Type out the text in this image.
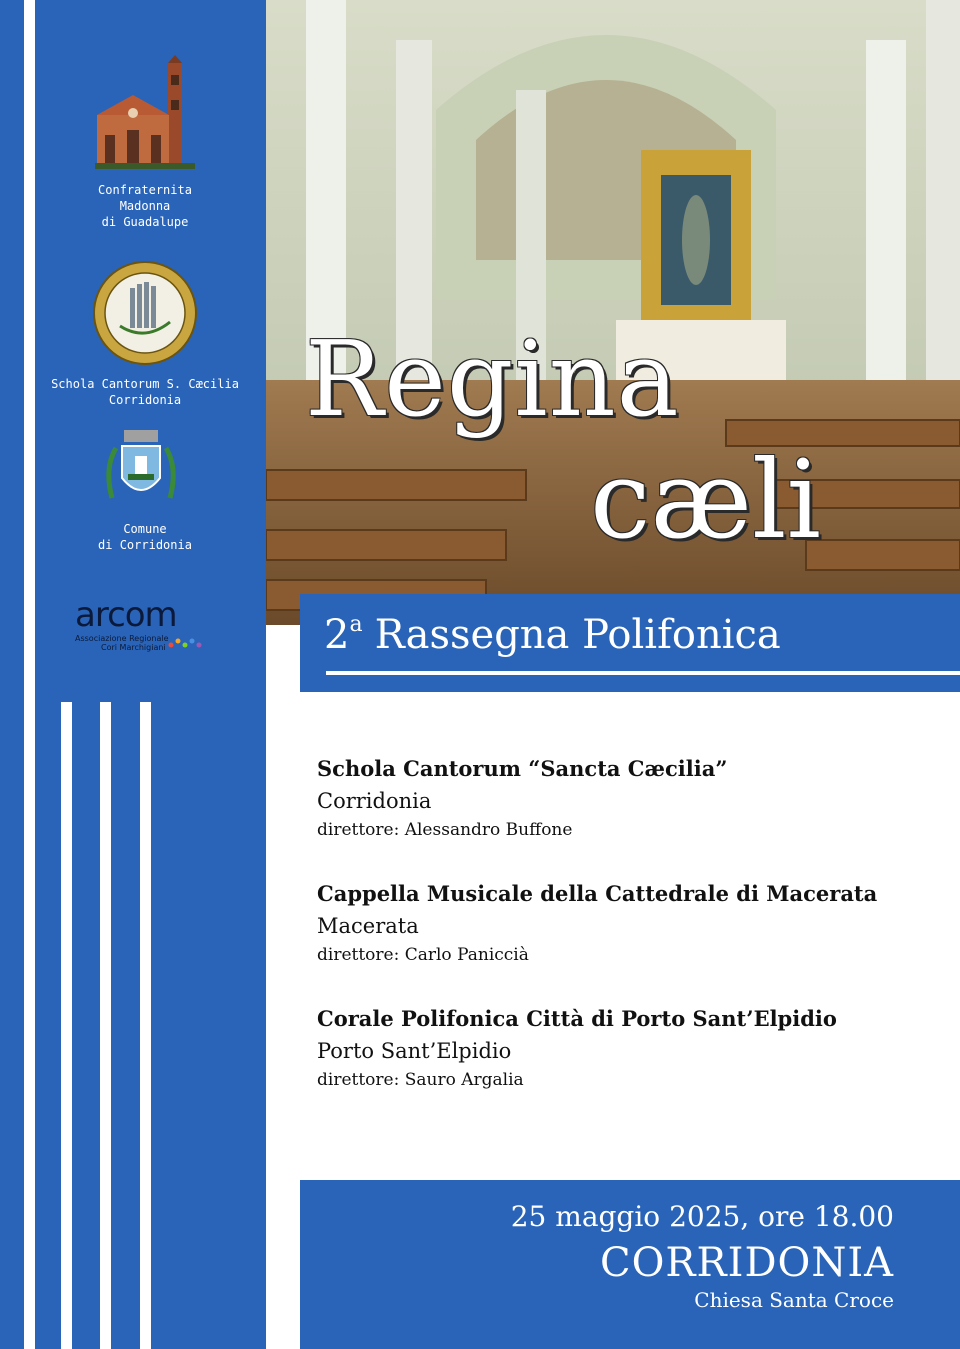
Confraternita
Madonna
di Guadalupe
Schola Cantorum S. Cæcilia
Corridonia
Comune
di Corridonia
arcom
Associazione Regionale
Cori Marchigiani
Regina
cæli
2$^a$ Rassegna Polifonica
Schola Cantorum “Sancta Cæcilia”
Corridonia
direttore: Alessandro Buffone
Cappella Musicale della Cattedrale di Macerata
Macerata
direttore: Carlo Paniccià
Corale Polifonica Città di Porto Sant’Elpidio
Porto Sant’Elpidio
direttore: Sauro Argalia
25 maggio 2025, ore 18.00
CORRIDONIA
Chiesa Santa Croce
